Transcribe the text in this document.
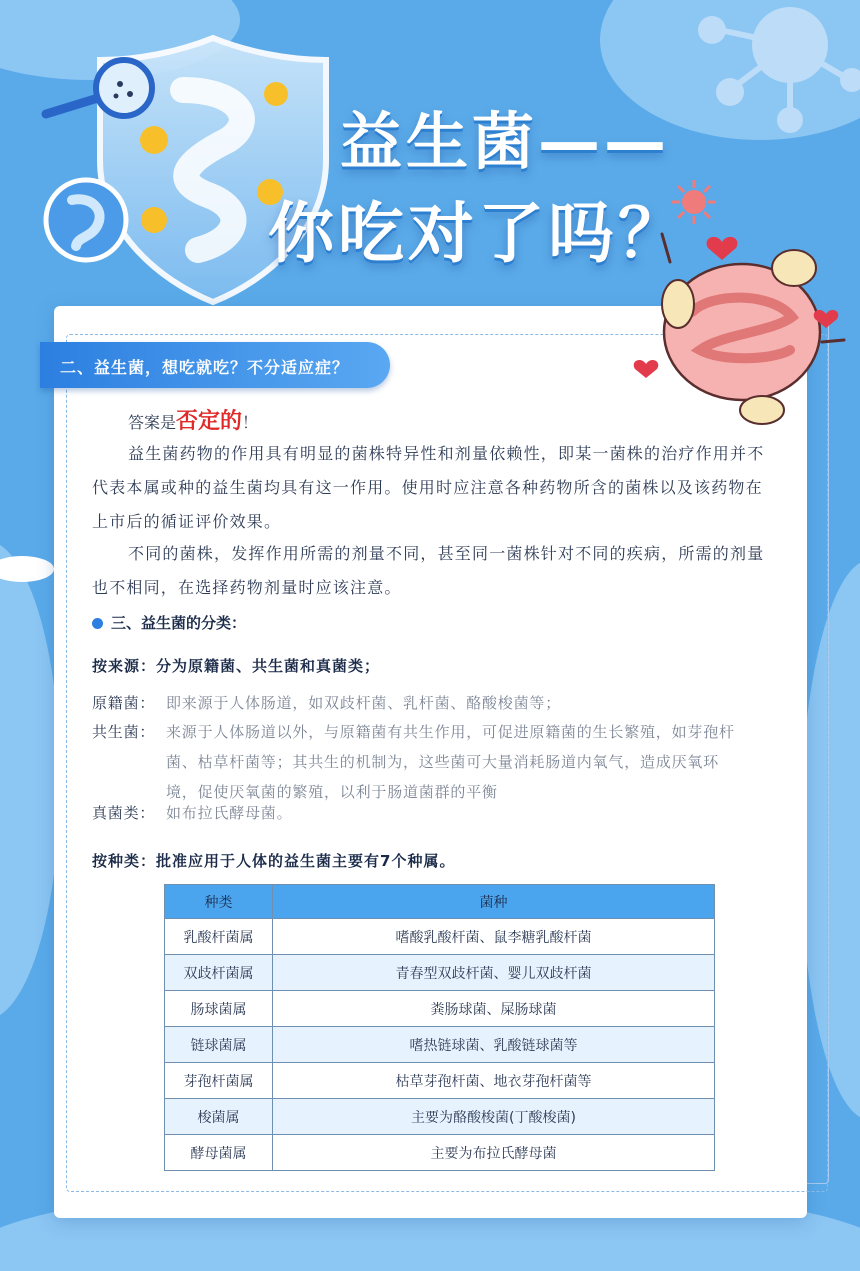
益生菌——
你吃对了吗？
二、益生菌，想吃就吃？不分适应症？
答案是否定的！
益生菌药物的作用具有明显的菌株特异性和剂量依赖性，即某一菌株的治疗作用并不代表本属或种的益生菌均具有这一作用。使用时应注意各种药物所含的菌株以及该药物在上市后的循证评价效果。
不同的菌株，发挥作用所需的剂量不同，甚至同一菌株针对不同的疾病，所需的剂量也不相同，在选择药物剂量时应该注意。
三、益生菌的分类：
按来源：分为原籍菌、共生菌和真菌类；
原籍菌： 即来源于人体肠道，如双歧杆菌、乳杆菌、酪酸梭菌等；
共生菌： 来源于人体肠道以外，与原籍菌有共生作用，可促进原籍菌的生长繁殖，如芽孢杆菌、枯草杆菌等；其共生的机制为，这些菌可大量消耗肠道内氧气，造成厌氧环境，促使厌氧菌的繁殖，以利于肠道菌群的平衡
真菌类： 如布拉氏酵母菌。
按种类：批准应用于人体的益生菌主要有7个种属。
种类	菌种
乳酸杆菌属	嗜酸乳酸杆菌、鼠李糖乳酸杆菌
双歧杆菌属	青春型双歧杆菌、婴儿双歧杆菌
肠球菌属	粪肠球菌、屎肠球菌
链球菌属	嗜热链球菌、乳酸链球菌等
芽孢杆菌属	枯草芽孢杆菌、地衣芽孢杆菌等
梭菌属	主要为酪酸梭菌(丁酸梭菌)
酵母菌属	主要为布拉氏酵母菌
